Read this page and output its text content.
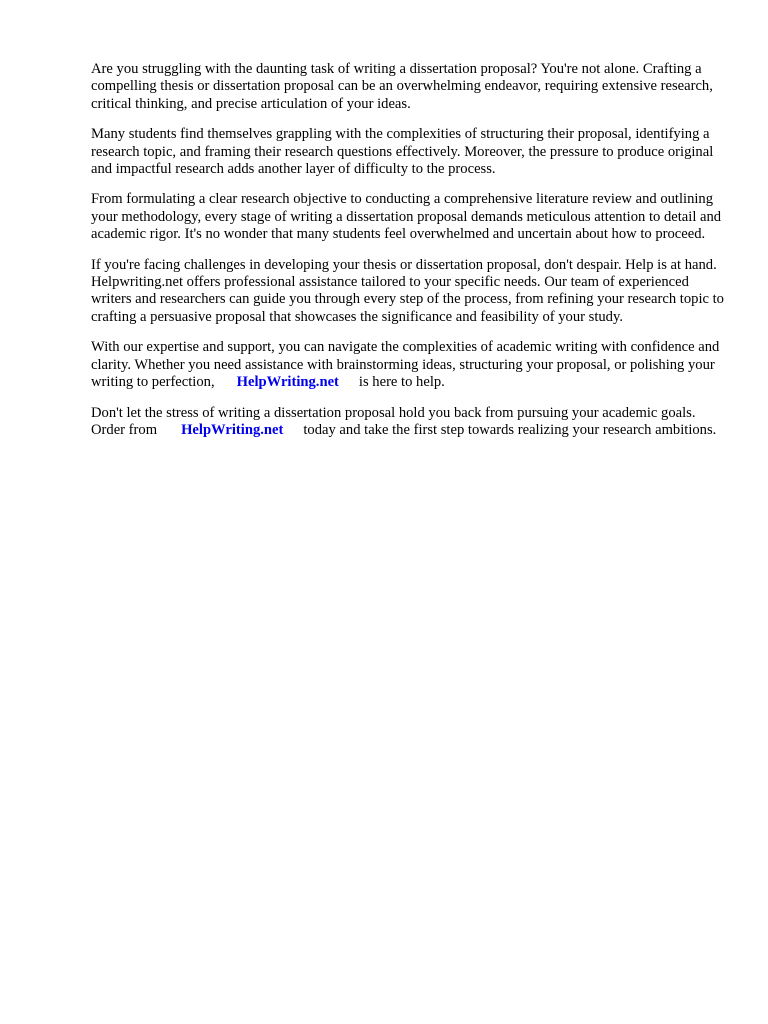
Are you struggling with the daunting task of writing a dissertation proposal? You're not alone. Crafting a compelling thesis or dissertation proposal can be an overwhelming endeavor, requiring extensive research, critical thinking, and precise articulation of your ideas.

Many students find themselves grappling with the complexities of structuring their proposal, identifying a research topic, and framing their research questions effectively. Moreover, the pressure to produce original and impactful research adds another layer of difficulty to the process.

From formulating a clear research objective to conducting a comprehensive literature review and outlining your methodology, every stage of writing a dissertation proposal demands meticulous attention to detail and academic rigor. It's no wonder that many students feel overwhelmed and uncertain about how to proceed.

If you're facing challenges in developing your thesis or dissertation proposal, don't despair. Help is at hand. Helpwriting.net offers professional assistance tailored to your specific needs. Our team of experienced writers and researchers can guide you through every step of the process, from refining your research topic to crafting a persuasive proposal that showcases the significance and feasibility of your study.

With our expertise and support, you can navigate the complexities of academic writing with confidence and clarity. Whether you need assistance with brainstorming ideas, structuring your proposal, or polishing your writing to perfection, HelpWriting.net is here to help.

Don't let the stress of writing a dissertation proposal hold you back from pursuing your academic goals. Order from HelpWriting.net today and take the first step towards realizing your research ambitions.
